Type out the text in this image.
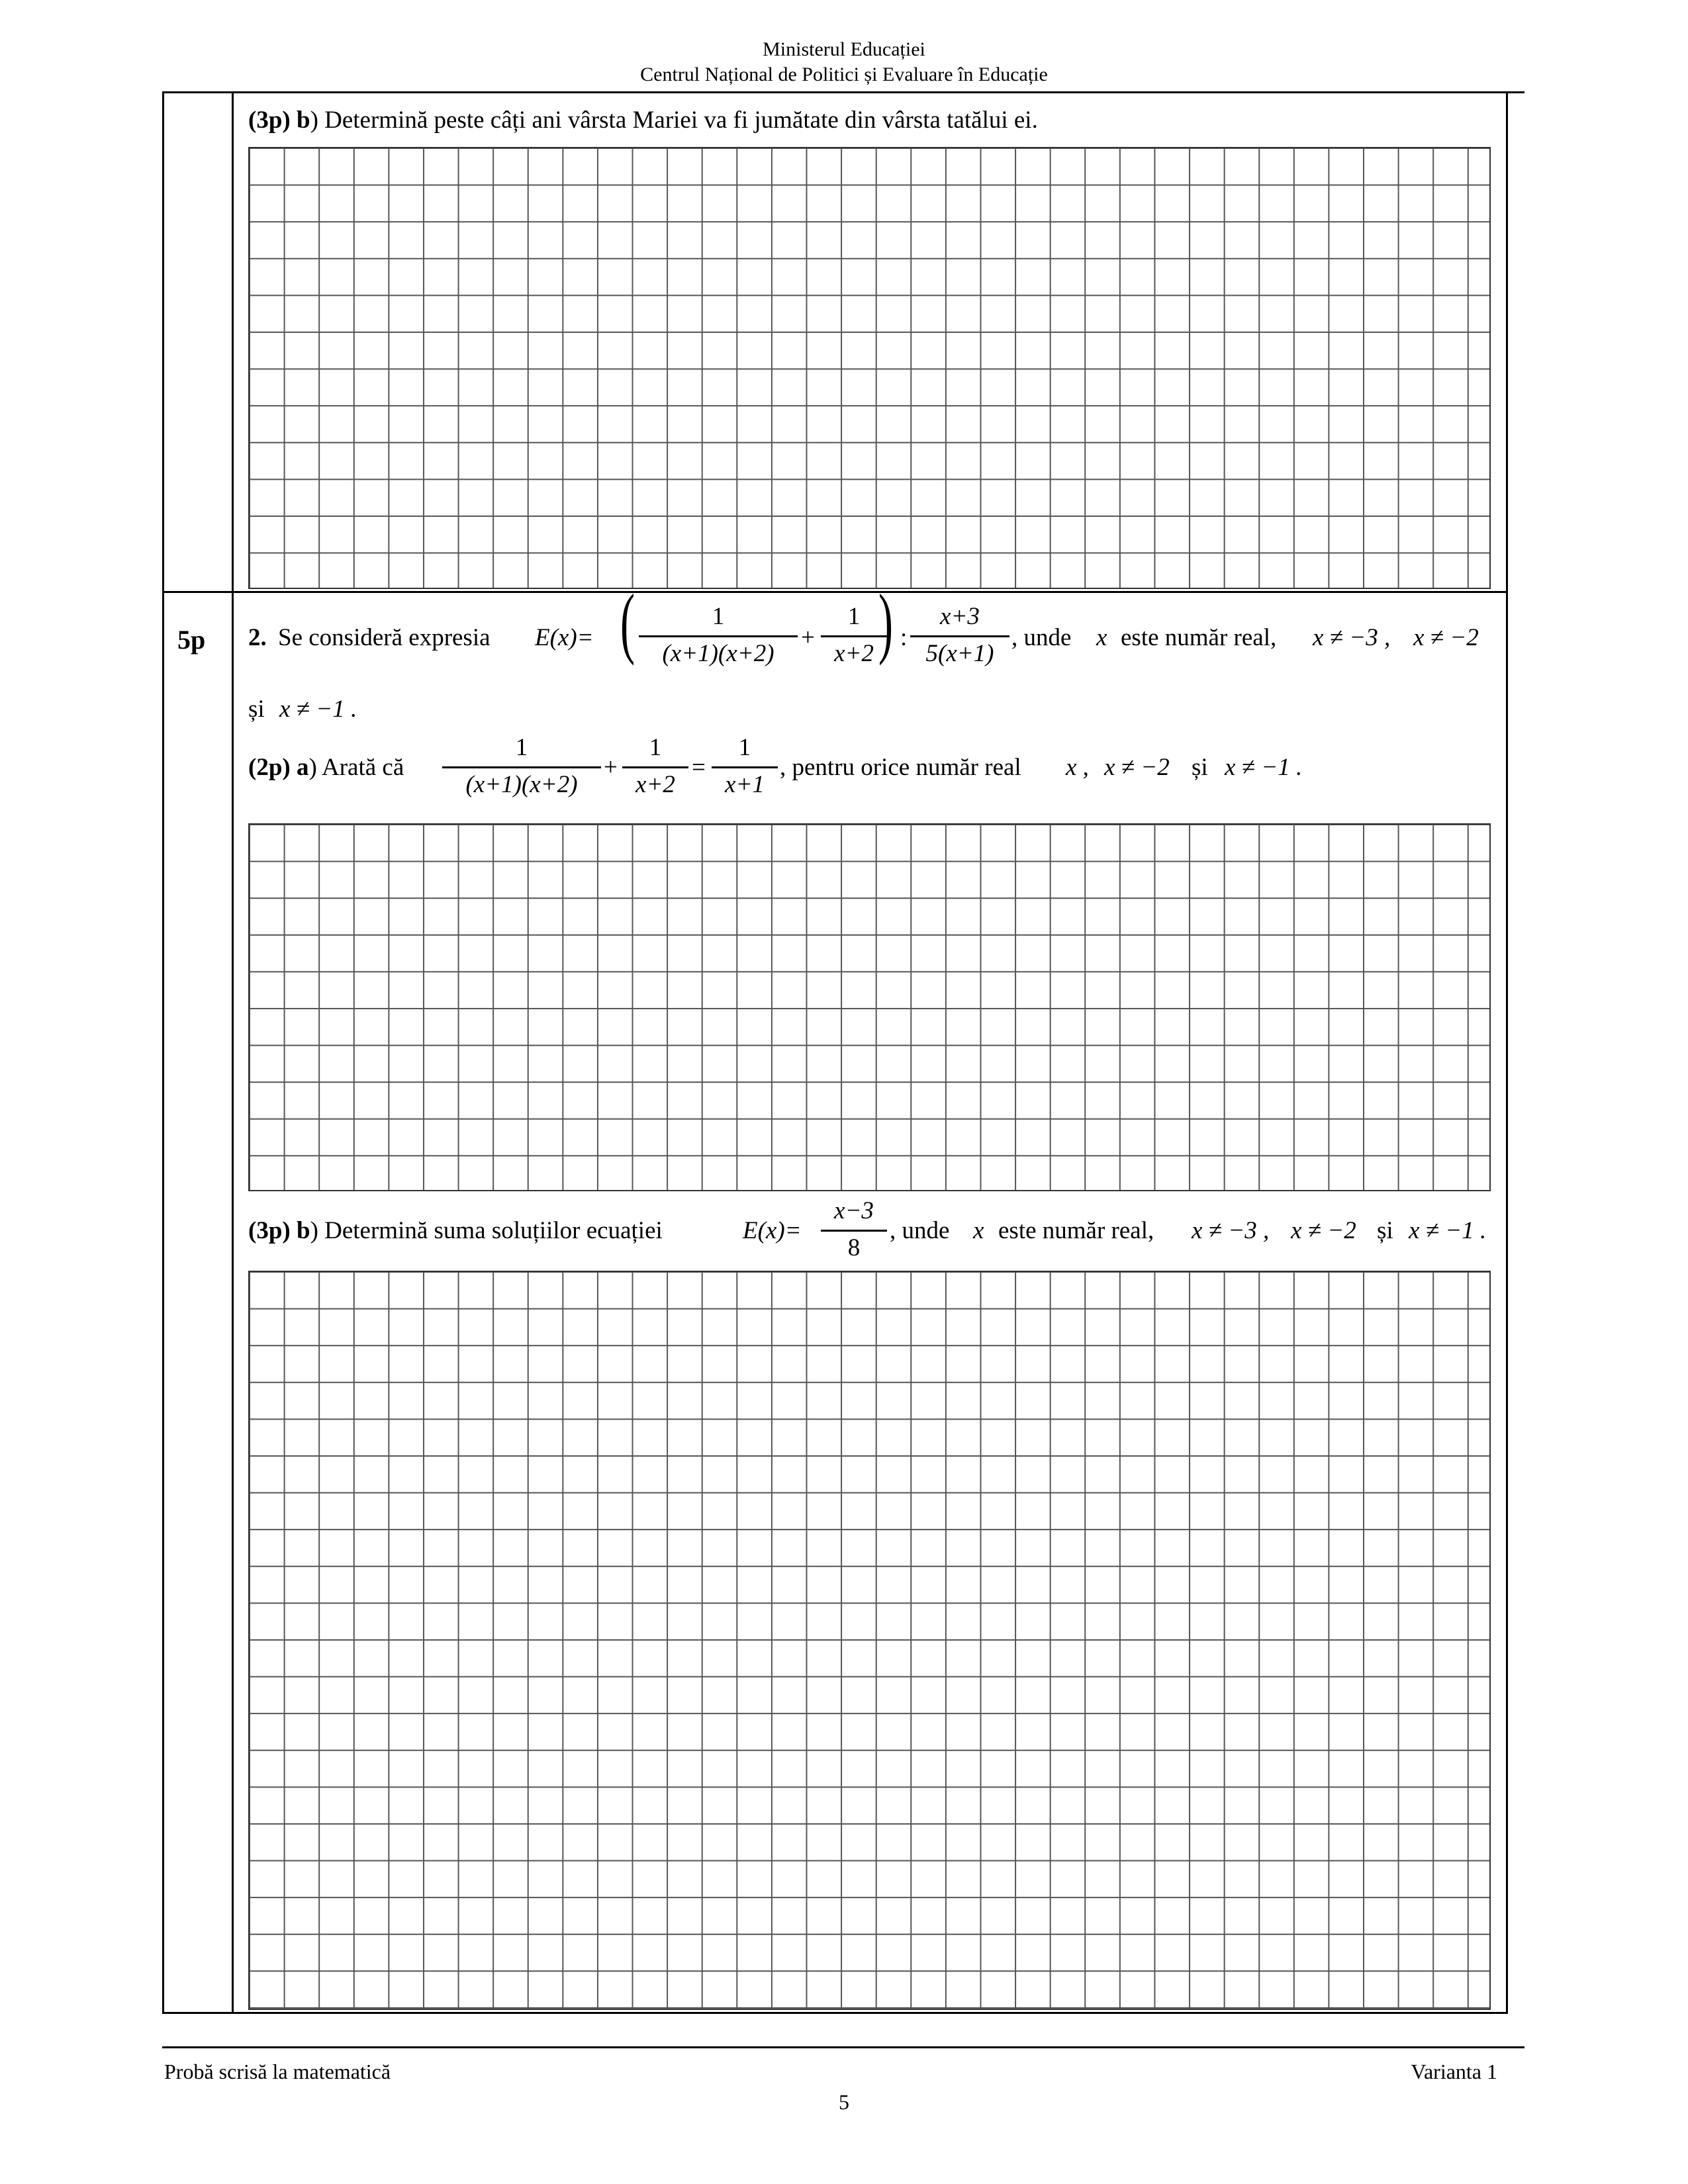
Ministerul Educației
Centrul Național de Politici și Evaluare în Educație
(3p) b) Determină peste câți ani vârsta Mariei va fi jumătate din vârsta tatălui ei.
5p 2. Se consideră expresia E(x)= (	1
(x+1)(x+2)
+
1
x+2 ) :
x+3
5(x+1)
, unde x este număr real, x ≠ −3 , x ≠ −2
și x ≠ −1 .
(2p) a) Arată că
1
(x+1)(x+2)
+
1
x+2
=
1
x+1
, pentru orice număr real x , x ≠ −2 și x ≠ −1 .
(3p) b) Determină suma soluțiilor ecuației	E(x)=
x−3
8
, unde x este număr real, x ≠ −3 , x ≠ −2 și x ≠ −1 .
Probă scrisă la matematică	Varianta 1
5
